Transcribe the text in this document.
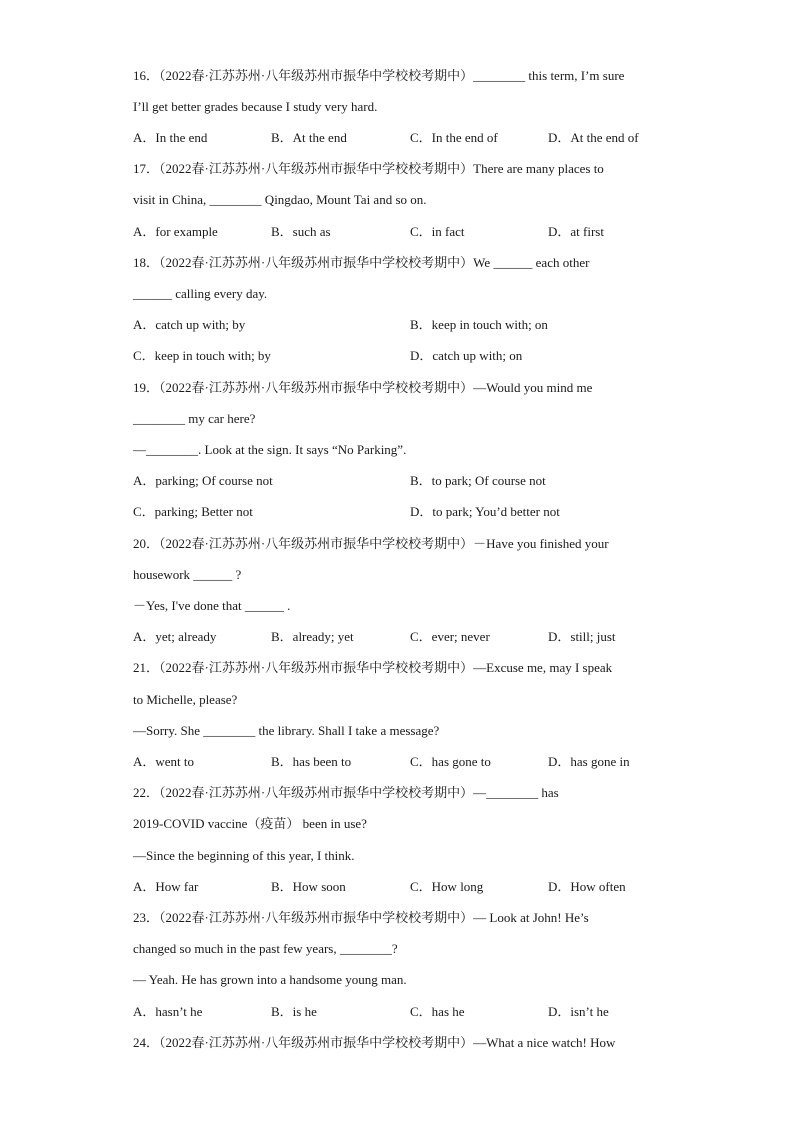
16．（2022春·江苏苏州·八年级苏州市振华中学校校考期中）________ this term, I’m sure
I’ll get better grades because I study very hard.
A．In the end	B．At the end	C．In the end of	D．At the end of
17．（2022春·江苏苏州·八年级苏州市振华中学校校考期中）There are many places to
visit in China, ________ Qingdao, Mount Tai and so on.
A．for example	B．such as	C．in fact	D．at first
18．（2022春·江苏苏州·八年级苏州市振华中学校校考期中）We ______ each other
______ calling every day.
A．catch up with; by	B．keep in touch with; on
C．keep in touch with; by	D．catch up with; on
19．（2022春·江苏苏州·八年级苏州市振华中学校校考期中）—Would you mind me
________ my car here?
—________. Look at the sign. It says “No Parking”.
A．parking; Of course not	B．to park; Of course not
C．parking; Better not	D．to park; You’d better not
20．（2022春·江苏苏州·八年级苏州市振华中学校校考期中）－Have you finished your
housework ______ ?
－Yes, I've done that ______ .
A．yet; already	B．already; yet	C．ever; never	D．still; just
21．（2022春·江苏苏州·八年级苏州市振华中学校校考期中）—Excuse me, may I speak
to Michelle, please?
—Sorry. She ________ the library. Shall I take a message?
A．went to	B．has been to	C．has gone to	D．has gone in
22．（2022春·江苏苏州·八年级苏州市振华中学校校考期中）—________ has
2019-COVID vaccine（疫苗） been in use?
—Since the beginning of this year, I think.
A．How far	B．How soon	C．How long	D．How often
23．（2022春·江苏苏州·八年级苏州市振华中学校校考期中）— Look at John! He’s
changed so much in the past few years, ________?
— Yeah. He has grown into a handsome young man.
A．hasn’t he	B．is he	C．has he	D．isn’t he
24．（2022春·江苏苏州·八年级苏州市振华中学校校考期中）—What a nice watch! How
